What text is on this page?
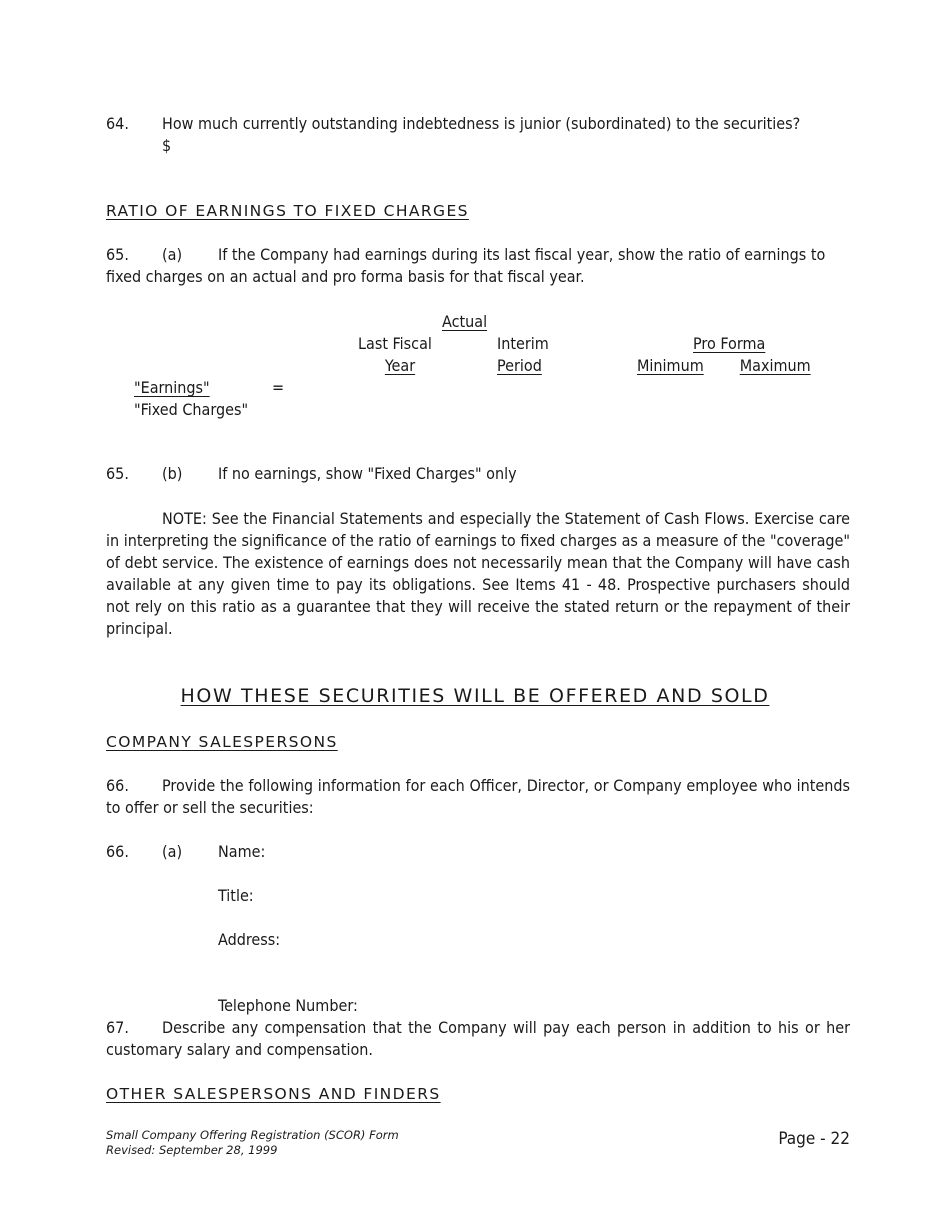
64. How much currently outstanding indebtedness is junior (subordinated) to the securities?
$
RATIO OF EARNINGS TO FIXED CHARGES
65. (a) If the Company had earnings during its last fiscal year, show the ratio of earnings to
fixed charges on an actual and pro forma basis for that fiscal year.
Actual
Last Fiscal
Year
Interim
Period
Pro Forma
Minimum Maximum
"Earnings"	=
"Fixed Charges"
65. (b) If no earnings, show "Fixed Charges" only
NOTE: See the Financial Statements and especially the Statement of Cash Flows. Exercise care in interpreting the significance of the ratio of earnings to fixed charges as a measure of the "coverage" of debt service. The existence of earnings does not necessarily mean that the Company will have cash available at any given time to pay its obligations. See Items 41 - 48. Prospective purchasers should not rely on this ratio as a guarantee that they will receive the stated return or the repayment of their principal.
HOW THESE SECURITIES WILL BE OFFERED AND SOLD
COMPANY SALESPERSONS
66. Provide the following information for each Officer, Director, or Company employee who intends to offer or sell the securities:
66. (a) Name:
Title:
Address:
Telephone Number:
67. Describe any compensation that the Company will pay each person in addition to his or her customary salary and compensation.
OTHER SALESPERSONS AND FINDERS
Small Company Offering Registration (SCOR) Form
Revised: September 28, 1999
Page - 22
